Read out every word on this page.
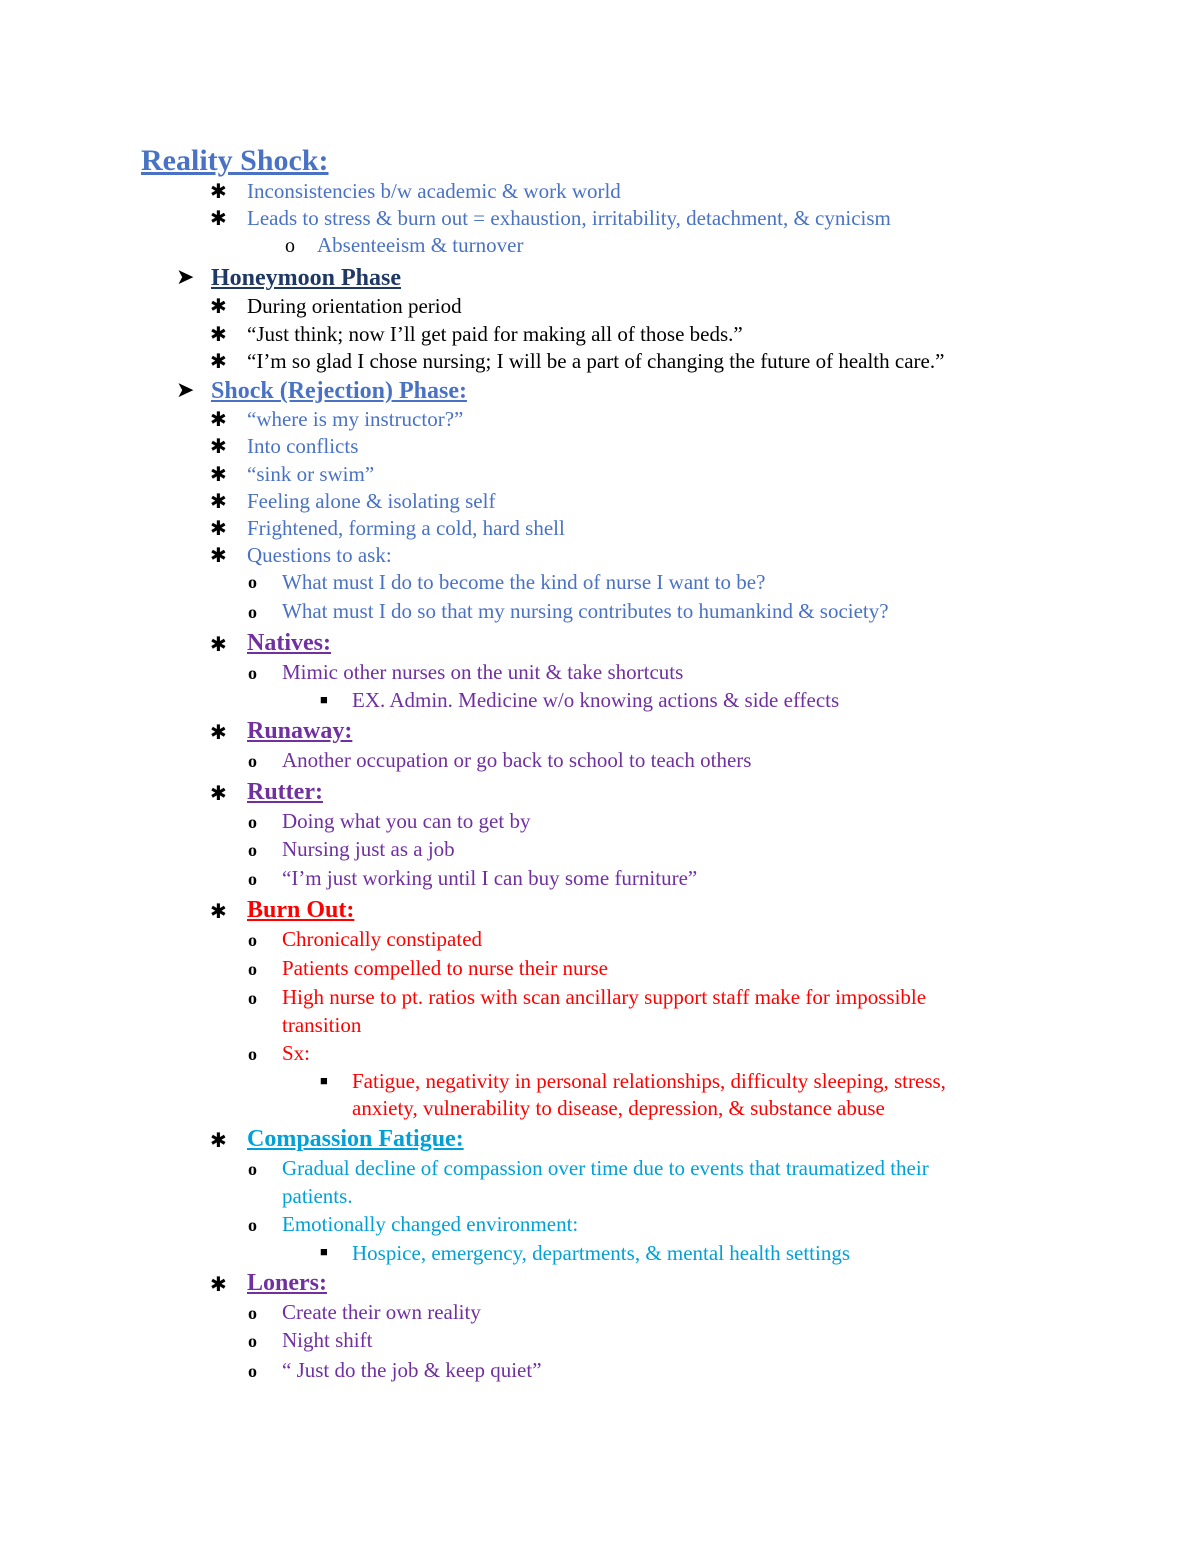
Reality Shock:
✱ Inconsistencies b/w academic & work world
✱ Leads to stress & burn out = exhaustion, irritability, detachment, & cynicism
o Absenteeism & turnover
➤ Honeymoon Phase
✱ During orientation period
✱ “Just think; now I’ll get paid for making all of those beds.”
✱ “I’m so glad I chose nursing; I will be a part of changing the future of health care.”
➤ Shock (Rejection) Phase:
✱ “where is my instructor?”
✱ Into conflicts
✱ “sink or swim”
✱ Feeling alone & isolating self
✱ Frightened, forming a cold, hard shell
✱ Questions to ask:
o What must I do to become the kind of nurse I want to be?
o What must I do so that my nursing contributes to humankind & society?
✱ Natives:
o Mimic other nurses on the unit & take shortcuts
■ EX. Admin. Medicine w/o knowing actions & side effects
✱ Runaway:
o Another occupation or go back to school to teach others
✱ Rutter:
o Doing what you can to get by
o Nursing just as a job
o “I’m just working until I can buy some furniture”
✱ Burn Out:
o Chronically constipated
o Patients compelled to nurse their nurse
o High nurse to pt. ratios with scan ancillary support staff make for impossible
transition
o Sx:
■ Fatigue, negativity in personal relationships, difficulty sleeping, stress,
anxiety, vulnerability to disease, depression, & substance abuse
✱ Compassion Fatigue:
o Gradual decline of compassion over time due to events that traumatized their
patients.
o Emotionally changed environment:
■ Hospice, emergency, departments, & mental health settings
✱ Loners:
o Create their own reality
o Night shift
o “ Just do the job & keep quiet”
